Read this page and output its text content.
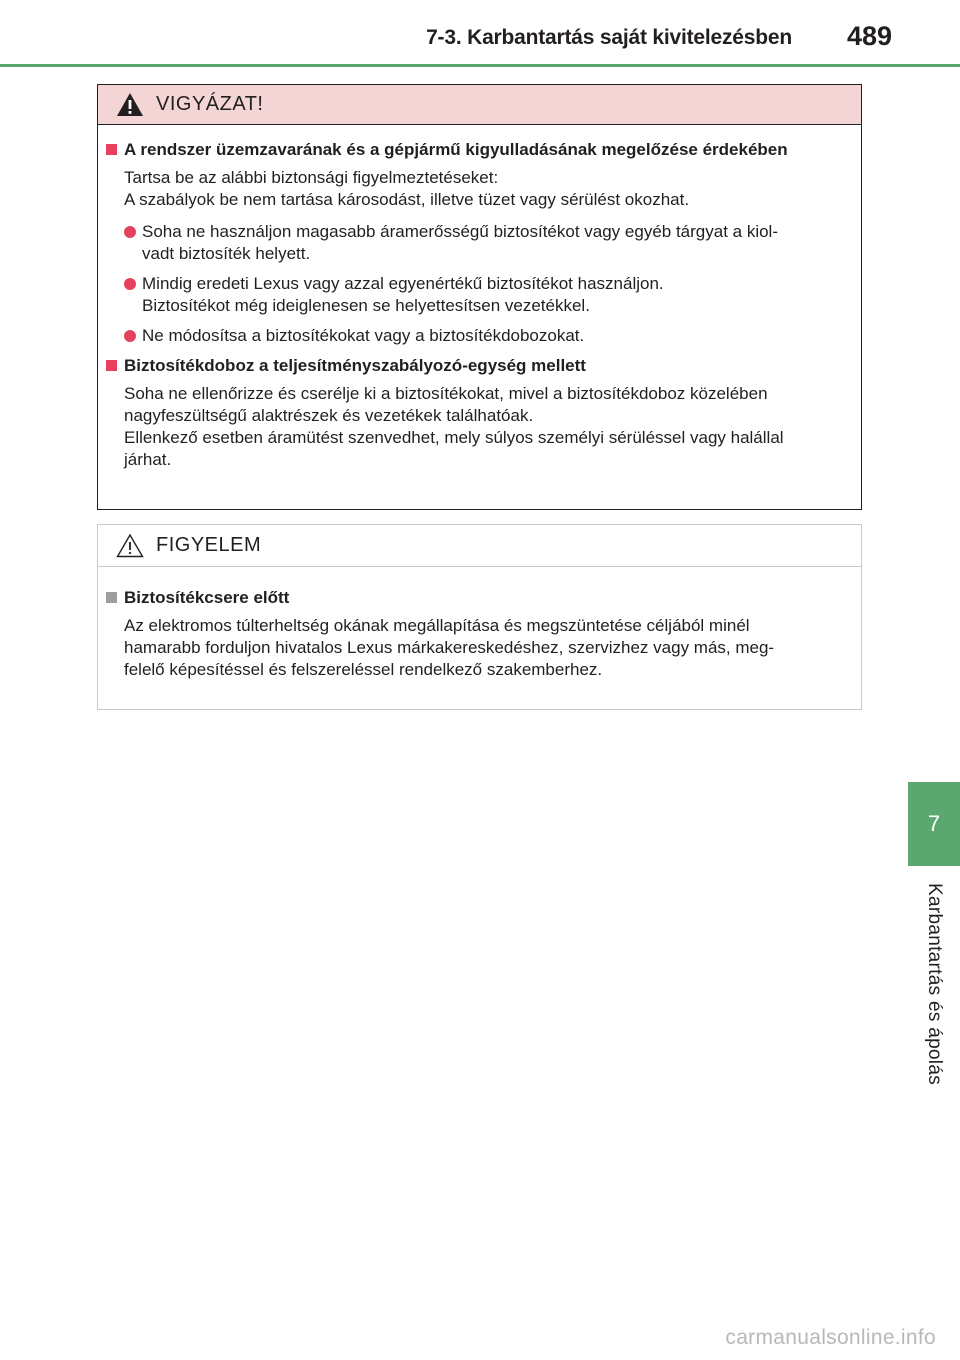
7-3. Karbantartás saját kivitelezésben 489
VIGYÁZAT!
A rendszer üzemzavarának és a gépjármű kigyulladásának megelőzése érdekében

Tartsa be az alábbi biztonsági figyelmeztetéseket:
A szabályok be nem tartása károsodást, illetve tüzet vagy sérülést okozhat.

Soha ne használjon magasabb áramerősségű biztosítékot vagy egyéb tárgyat a kiol-
vadt biztosíték helyett.
Mindig eredeti Lexus vagy azzal egyenértékű biztosítékot használjon.
Biztosítékot még ideiglenesen se helyettesítsen vezetékkel.
Ne módosítsa a biztosítékokat vagy a biztosítékdobozokat.
Biztosítékdoboz a teljesítményszabályozó-egység mellett

Soha ne ellenőrizze és cserélje ki a biztosítékokat, mivel a biztosítékdoboz közelében
nagyfeszültségű alaktrészek és vezetékek találhatóak.
Ellenkező esetben áramütést szenvedhet, mely súlyos személyi sérüléssel vagy halállal
járhat.

FIGYELEM
Biztosítékcsere előtt

Az elektromos túlterheltség okának megállapítása és megszüntetése céljából minél
hamarabb forduljon hivatalos Lexus márkakereskedéshez, szervizhez vagy más, meg-
felelő képesítéssel és felszereléssel rendelkező szakemberhez.

7
Karbantartás és ápolás
carmanualsonline.info
